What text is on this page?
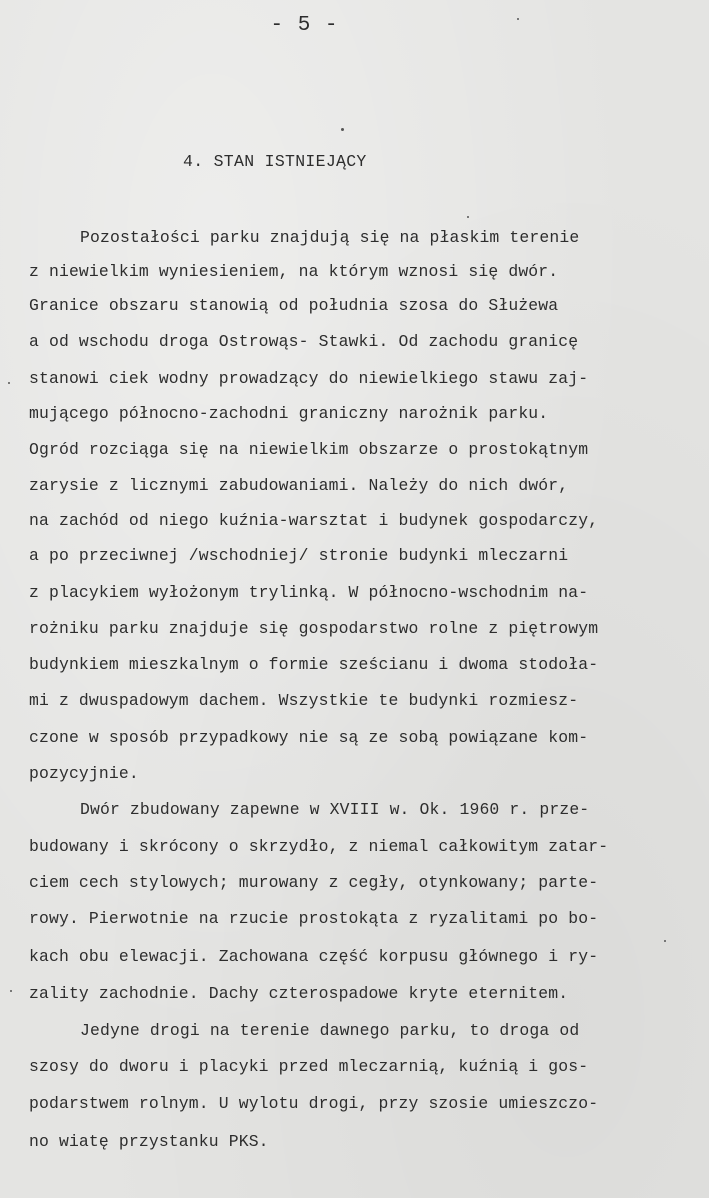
- 5 -
4. STAN ISTNIEJĄCY
Pozostałości parku znajdują się na płaskim terenie
z niewielkim wyniesieniem, na którym wznosi się dwór.
Granice obszaru stanowią od południa szosa do Służewa
a od wschodu droga Ostrowąs- Stawki. Od zachodu granicę
stanowi ciek wodny prowadzący do niewielkiego stawu zaj-
mującego północno-zachodni graniczny narożnik parku.
Ogród rozciąga się na niewielkim obszarze o prostokątnym
zarysie z licznymi zabudowaniami. Należy do nich dwór,
na zachód od niego kuźnia-warsztat i budynek gospodarczy,
a po przeciwnej /wschodniej/ stronie budynki mleczarni
z placykiem wyłożonym trylinką. W północno-wschodnim na-
rożniku parku znajduje się gospodarstwo rolne z piętrowym
budynkiem mieszkalnym o formie sześcianu i dwoma stodoła-
mi z dwuspadowym dachem. Wszystkie te budynki rozmiesz-
czone w sposób przypadkowy nie są ze sobą powiązane kom-
pozycyjnie.
Dwór zbudowany zapewne w XVIII w. Ok. 1960 r. prze-
budowany i skrócony o skrzydło, z niemal całkowitym zatar-
ciem cech stylowych; murowany z cegły, otynkowany; parte-
rowy. Pierwotnie na rzucie prostokąta z ryzalitami po bo-
kach obu elewacji. Zachowana część korpusu głównego i ry-
zality zachodnie. Dachy czterospadowe kryte eternitem.
Jedyne drogi na terenie dawnego parku, to droga od
szosy do dworu i placyki przed mleczarnią, kuźnią i gos-
podarstwem rolnym. U wylotu drogi, przy szosie umieszczo-
no wiatę przystanku PKS.
